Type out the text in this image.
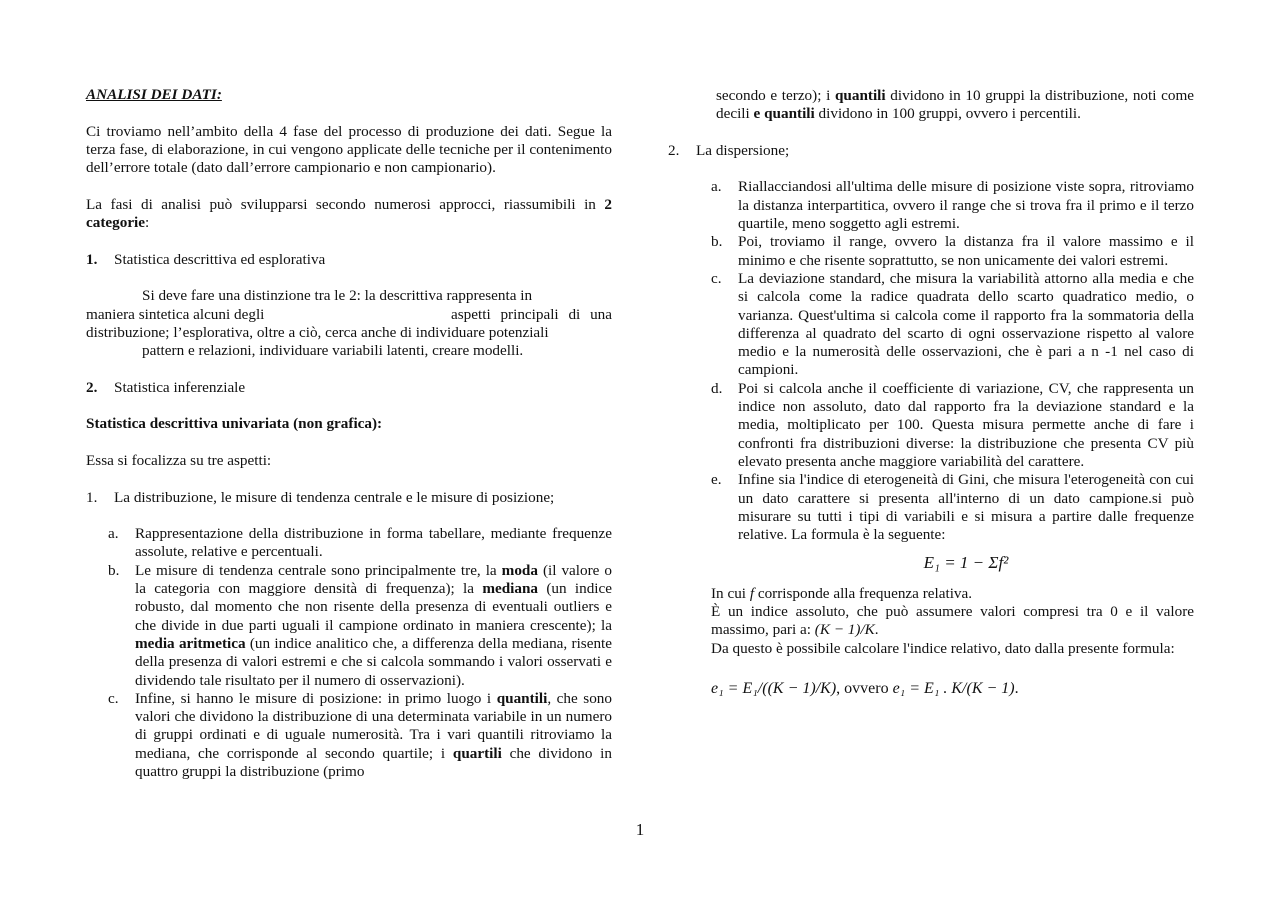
ANALISI DEI DATI:

Ci troviamo nell’ambito della 4 fase del processo di produzione dei dati. Segue la terza fase, di elaborazione, in cui vengono applicate delle tecniche per il contenimento dell’errore totale (dato dall’errore campionario e non campionario).

La fasi di analisi può svilupparsi secondo numerosi approcci, riassumibili in 2 categorie:

1.	Statistica descrittiva ed esplorativa

Si deve fare una distinzione tra le 2: la descrittiva rappresenta in

maniera sintetica alcuni degli	aspetti principali di una

distribuzione; l’esplorativa, oltre a ciò, cerca anche di individuare potenziali

pattern e relazioni, individuare variabili latenti, creare modelli.

2.	Statistica inferenziale

Statistica descrittiva univariata (non grafica):

Essa si focalizza su tre aspetti:

1.	La distribuzione, le misure di tendenza centrale e le misure di posizione;
a.	Rappresentazione della distribuzione in forma tabellare, mediante frequenze assolute, relative e percentuali.
b.	Le misure di tendenza centrale sono principalmente tre, la moda (il valore o la categoria con maggiore densità di frequenza); la mediana (un indice robusto, dal momento che non risente della presenza di eventuali outliers e che divide in due parti uguali il campione ordinato in maniera crescente); la media aritmetica (un indice analitico che, a differenza della mediana, risente della presenza di valori estremi e che si calcola sommando i valori osservati e dividendo tale risultato per il numero di osservazioni).
c.	Infine, si hanno le misure di posizione: in primo luogo i quantili, che sono valori che dividono la distribuzione di una determinata variabile in un numero di gruppi ordinati e di uguale numerosità. Tra i vari quantili ritroviamo la mediana, che corrisponde al secondo quartile; i quartili che dividono in quattro gruppi la distribuzione (primo

secondo e terzo); i quantili dividono in 10 gruppi la distribuzione, noti come decili e quantili dividono in 100 gruppi, ovvero i percentili.

2.	La dispersione;
a.	Riallacciandosi all'ultima delle misure di posizione viste sopra, ritroviamo la distanza interpartitica, ovvero il range che si trova fra il primo e il terzo quartile, meno soggetto agli estremi.
b.	Poi, troviamo il range, ovvero la distanza fra il valore massimo e il minimo e che risente soprattutto, se non unicamente dei valori estremi.
c.	La deviazione standard, che misura la variabilità attorno alla media e che si calcola come la radice quadrata dello scarto quadratico medio, o varianza. Quest'ultima si calcola come il rapporto fra la sommatoria della differenza al quadrato del scarto di ogni osservazione rispetto al valore medio e la numerosità delle osservazioni, che è pari a n -1 nel caso di campioni.
d.	Poi si calcola anche il coefficiente di variazione, CV, che rappresenta un indice non assoluto, dato dal rapporto fra la deviazione standard e la media, moltiplicato per 100. Questa misura permette anche di fare i confronti fra distribuzioni diverse: la distribuzione che presenta CV più elevato presenta anche maggiore variabilità del carattere.
e.	Infine sia l'indice di eterogeneità di Gini, che misura l'eterogeneità con cui un dato carattere si presenta all'interno di un dato campione.si può misurare su tutti i tipi di variabili e si misura a partire dalle frequenze relative. La formula è la seguente:

E₁ = 1 − Σf²

In cui f corrisponde alla frequenza relativa.

È un indice assoluto, che può assumere valori compresi tra 0 e il valore massimo, pari a: (K − 1)/K.

Da questo è possibile calcolare l'indice relativo, dato dalla presente formula:

e₁ = E₁/((K − 1)/K), ovvero e₁ = E₁ . K/(K − 1).

1
